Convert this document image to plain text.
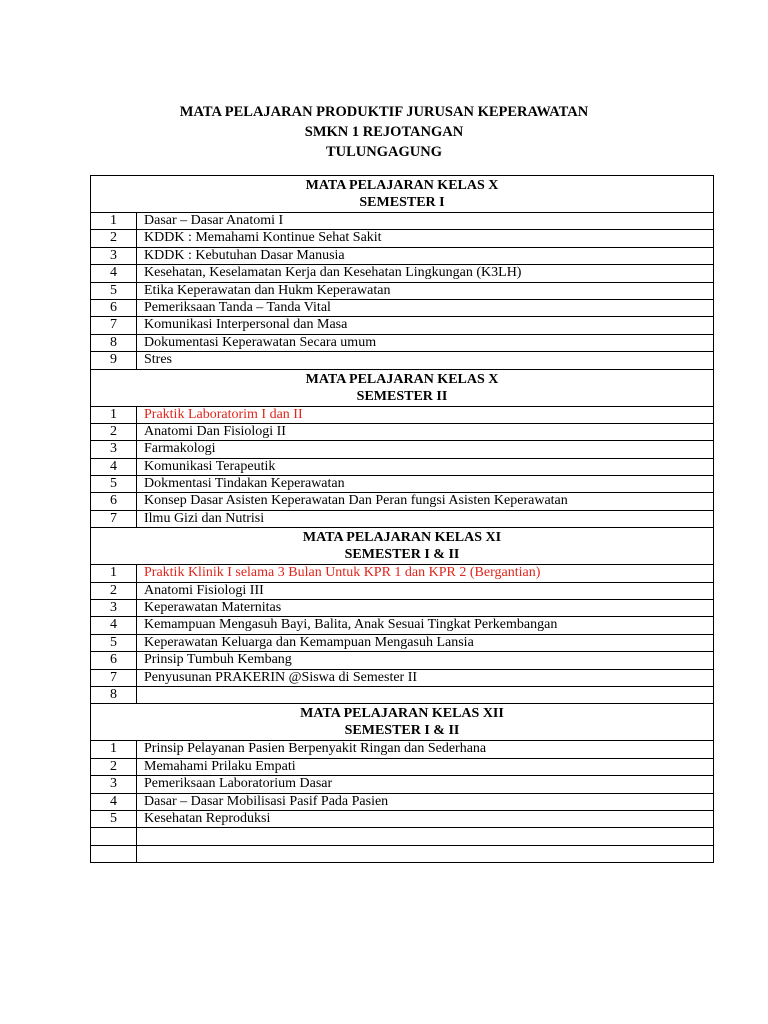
MATA PELAJARAN PRODUKTIF JURUSAN KEPERAWATAN
SMKN 1 REJOTANGAN
TULUNGAGUNG
MATA PELAJARAN KELAS X
SEMESTER I	

1	Dasar – Dasar Anatomi I
2	KDDK : Memahami Kontinue Sehat Sakit
3	KDDK : Kebutuhan Dasar Manusia
4	Kesehatan, Keselamatan Kerja dan Kesehatan Lingkungan (K3LH)
5	Etika Keperawatan dan Hukm Keperawatan
6	Pemeriksaan Tanda – Tanda Vital
7	Komunikasi Interpersonal dan Masa
8	Dokumentasi Keperawatan Secara umum
9	Stres

MATA PELAJARAN KELAS X
SEMESTER II	

1	Praktik Laboratorim I dan II
2	Anatomi Dan Fisiologi II
3	Farmakologi
4	Komunikasi Terapeutik
5	Dokmentasi Tindakan Keperawatan
6	Konsep Dasar Asisten Keperawatan Dan Peran fungsi Asisten Keperawatan
7	Ilmu Gizi dan Nutrisi

MATA PELAJARAN KELAS XI
SEMESTER I & II	

1	Praktik Klinik I selama 3 Bulan Untuk KPR 1 dan KPR 2 (Bergantian)
2	Anatomi Fisiologi III
3	Keperawatan Maternitas
4	Kemampuan Mengasuh Bayi, Balita, Anak Sesuai Tingkat Perkembangan
5	Keperawatan Keluarga dan Kemampuan Mengasuh Lansia
6	Prinsip Tumbuh Kembang
7	Penyusunan PRAKERIN @Siswa di Semester II
8	

MATA PELAJARAN KELAS XII
SEMESTER I & II	

1	Prinsip Pelayanan Pasien Berpenyakit Ringan dan Sederhana
2	Memahami Prilaku Empati
3	Pemeriksaan Laboratorium Dasar
4	Dasar – Dasar Mobilisasi Pasif Pada Pasien
5	Kesehatan Reproduksi
